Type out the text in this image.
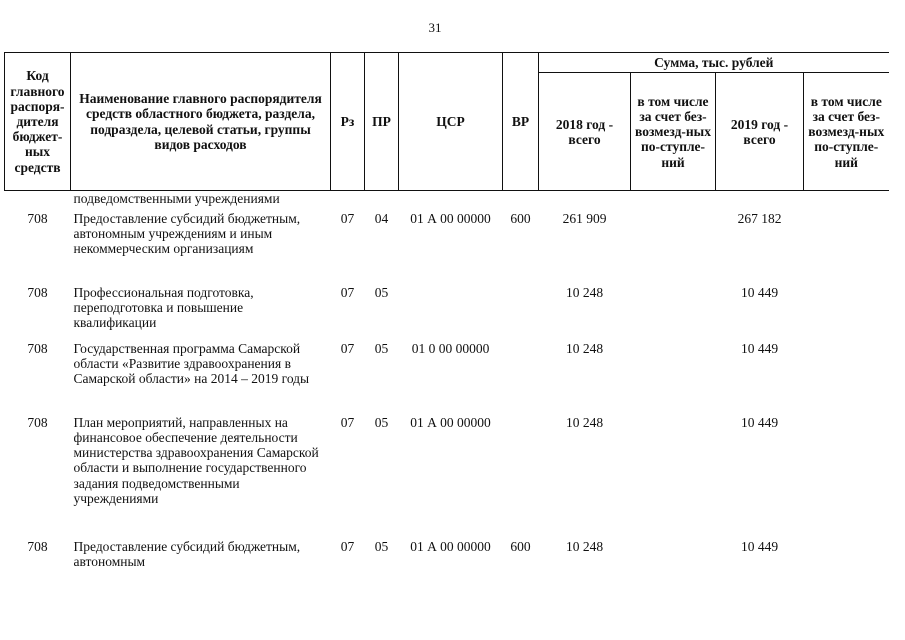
31
Код главного распоря-дителя бюджет-ных средств	Наименование главного распорядителя средств областного бюджета, раздела, подраздела, целевой статьи, группы видов расходов	Рз	ПР	ЦСР	ВР	Сумма, тыс. рублей			
						2018 год - всего	в том числе за счет без-возмезд-ных по-ступле-ний	2019 год - всего	в том числе за счет без-возмезд-ных по-ступле-ний
	подведомственными учреждениями								
708	Предоставление субсидий бюджетным, автономным учреждениям и иным некоммерческим организациям	07	04	01 А 00 00000	600	261 909		267 182	
708	Профессиональная подготовка, переподготовка и повышение квалификации	07	05			10 248		10 449	
708	Государственная программа Самарской области «Развитие здравоохранения в Самарской области» на 2014 – 2019 годы	07	05	01 0 00 00000		10 248		10 449	
708	План мероприятий, направленных на финансовое обеспечение деятельности министерства здравоохранения Самарской области и выполнение государственного задания подведомственными учреждениями	07	05	01 А 00 00000		10 248		10 449	
708	Предоставление субсидий бюджетным, автономным	07	05	01 А 00 00000	600	10 248		10 449	
